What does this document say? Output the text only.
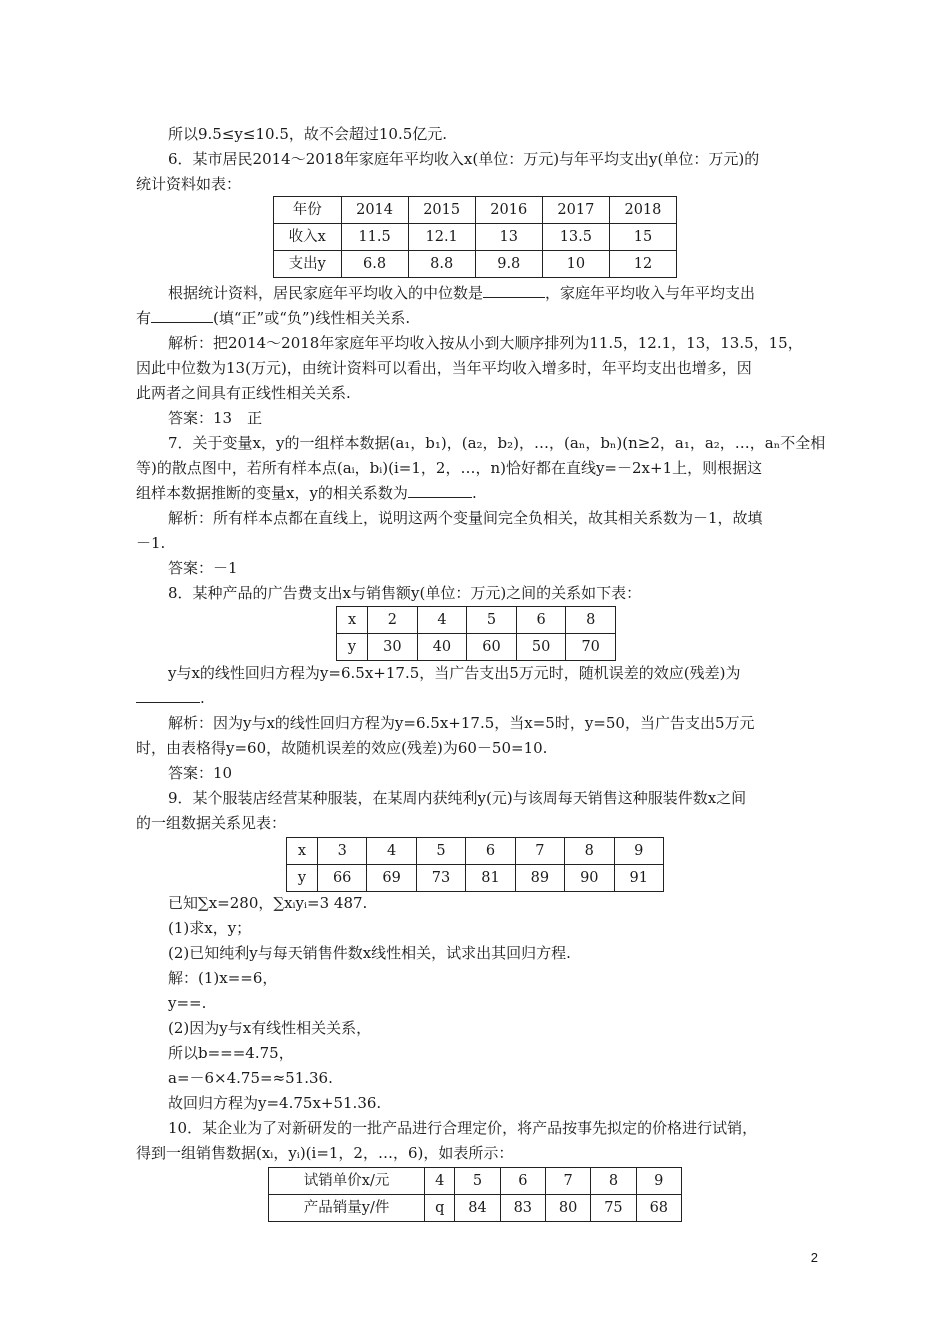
所以9.5≤y≤10.5，故不会超过10.5亿元.
6．某市居民2014～2018年家庭年平均收入x(单位：万元)与年平均支出y(单位：万元)的
统计资料如表：
年份	2014	2015	2016	2017	2018
收入x	11.5	12.1	13	13.5	15
支出y	6.8	8.8	9.8	10	12
根据统计资料，居民家庭年平均收入的中位数是	，家庭年平均收入与年平均支出
有	(填“正”或“负”)线性相关关系.
解析：把2014～2018年家庭年平均收入按从小到大顺序排列为11.5，12.1，13，13.5，15，
因此中位数为13(万元)，由统计资料可以看出，当年平均收入增多时，年平均支出也增多，因
此两者之间具有正线性相关关系.
答案：13　正
7．关于变量x，y的一组样本数据(a₁，b₁)，(a₂，b₂)，…，(aₙ，bₙ)(n≥2，a₁，a₂，…，aₙ不全相
等)的散点图中，若所有样本点(aᵢ，bᵢ)(i=1，2，…，n)恰好都在直线y=－2x+1上，则根据这
组样本数据推断的变量x，y的相关系数为	.
解析：所有样本点都在直线上，说明这两个变量间完全负相关，故其相关系数为－1，故填
－1.
答案：－1
8．某种产品的广告费支出x与销售额y(单位：万元)之间的关系如下表：
x	2	4	5	6	8
y	30	40	60	50	70
y与x的线性回归方程为y=6.5x+17.5，当广告支出5万元时，随机误差的效应(残差)为
.
解析：因为y与x的线性回归方程为y=6.5x+17.5，当x=5时，y=50，当广告支出5万元
时，由表格得y=60，故随机误差的效应(残差)为60－50=10.
答案：10
9．某个服装店经营某种服装，在某周内获纯利y(元)与该周每天销售这种服装件数x之间
的一组数据关系见表：
x	3	4	5	6	7	8	9
y	66	69	73	81	89	90	91
已知∑x=280，∑xᵢyᵢ=3 487.
(1)求x，y；
(2)已知纯利y与每天销售件数x线性相关，试求出其回归方程.
解：(1)x==6，
y==.
(2)因为y与x有线性相关关系，
所以b===4.75，
a=－6×4.75=≈51.36.
故回归方程为y=4.75x+51.36.
10．某企业为了对新研发的一批产品进行合理定价，将产品按事先拟定的价格进行试销，
得到一组销售数据(xᵢ，yᵢ)(i=1，2，…，6)，如表所示：
试销单价x/元	4	5	6	7	8	9
产品销量y/件	q	84	83	80	75	68
2
